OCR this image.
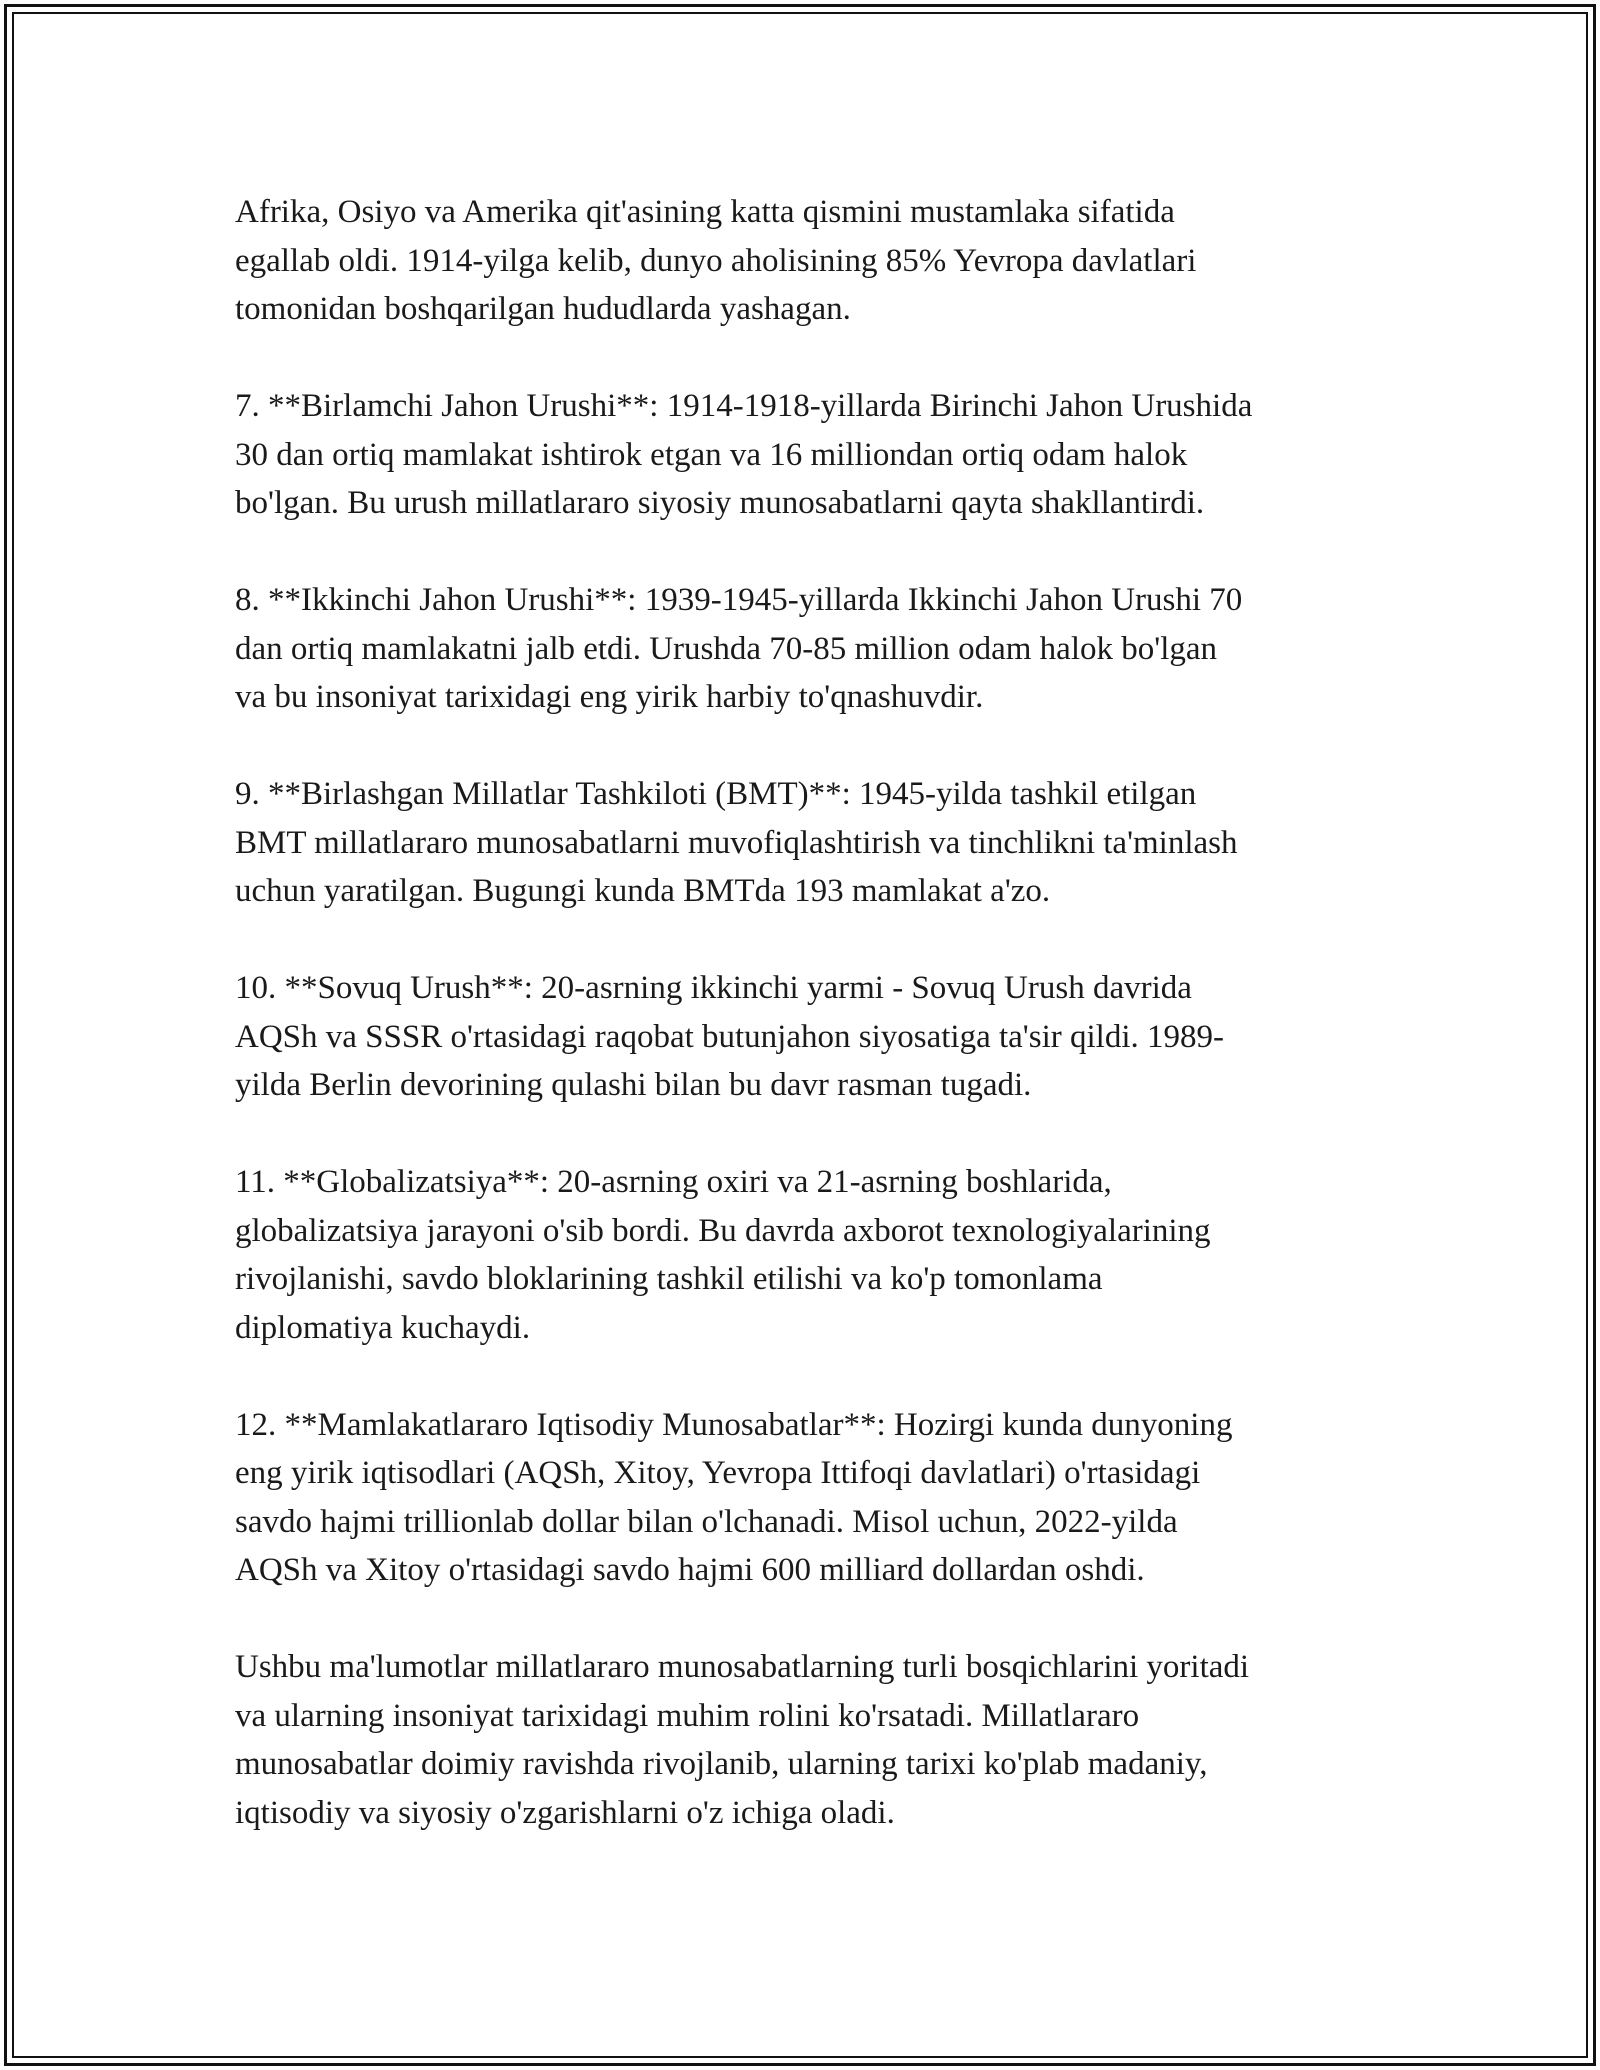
Afrika, Osiyo va Amerika qit'asining katta qismini mustamlaka sifatida
egallab oldi. 1914-yilga kelib, dunyo aholisining 85% Yevropa davlatlari
tomonidan boshqarilgan hududlarda yashagan.

7. **Birlamchi Jahon Urushi**: 1914-1918-yillarda Birinchi Jahon Urushida
30 dan ortiq mamlakat ishtirok etgan va 16 milliondan ortiq odam halok
bo'lgan. Bu urush millatlararo siyosiy munosabatlarni qayta shakllantirdi.

8. **Ikkinchi Jahon Urushi**: 1939-1945-yillarda Ikkinchi Jahon Urushi 70
dan ortiq mamlakatni jalb etdi. Urushda 70-85 million odam halok bo'lgan
va bu insoniyat tarixidagi eng yirik harbiy to'qnashuvdir.

9. **Birlashgan Millatlar Tashkiloti (BMT)**: 1945-yilda tashkil etilgan
BMT millatlararo munosabatlarni muvofiqlashtirish va tinchlikni ta'minlash
uchun yaratilgan. Bugungi kunda BMTda 193 mamlakat a'zo.

10. **Sovuq Urush**: 20-asrning ikkinchi yarmi - Sovuq Urush davrida
AQSh va SSSR o'rtasidagi raqobat butunjahon siyosatiga ta'sir qildi. 1989-
yilda Berlin devorining qulashi bilan bu davr rasman tugadi.

11. **Globalizatsiya**: 20-asrning oxiri va 21-asrning boshlarida,
globalizatsiya jarayoni o'sib bordi. Bu davrda axborot texnologiyalarining
rivojlanishi, savdo bloklarining tashkil etilishi va ko'p tomonlama
diplomatiya kuchaydi.

12. **Mamlakatlararo Iqtisodiy Munosabatlar**: Hozirgi kunda dunyoning
eng yirik iqtisodlari (AQSh, Xitoy, Yevropa Ittifoqi davlatlari) o'rtasidagi
savdo hajmi trillionlab dollar bilan o'lchanadi. Misol uchun, 2022-yilda
AQSh va Xitoy o'rtasidagi savdo hajmi 600 milliard dollardan oshdi.

Ushbu ma'lumotlar millatlararo munosabatlarning turli bosqichlarini yoritadi
va ularning insoniyat tarixidagi muhim rolini ko'rsatadi. Millatlararo
munosabatlar doimiy ravishda rivojlanib, ularning tarixi ko'plab madaniy,
iqtisodiy va siyosiy o'zgarishlarni o'z ichiga oladi.
